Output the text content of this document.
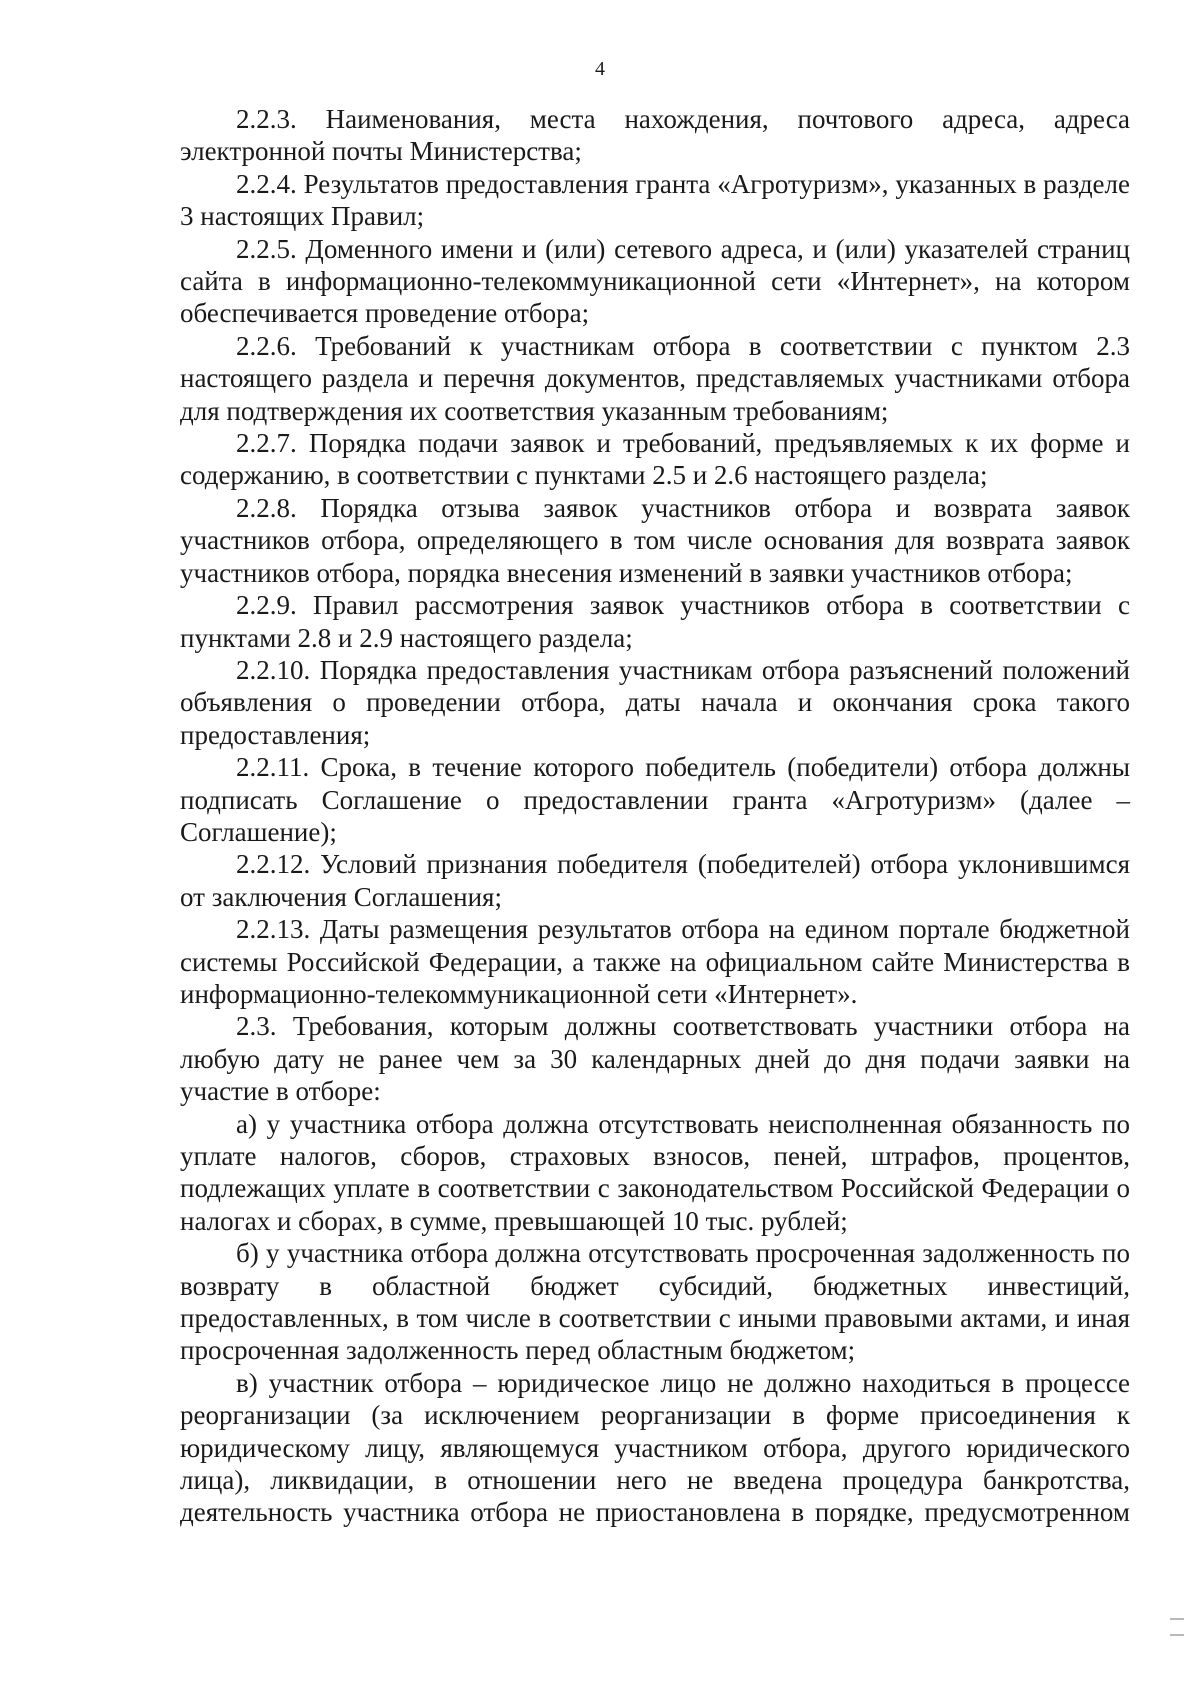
4

2.2.3. Наименования, места нахождения, почтового адреса, адреса электронной почты Министерства;

2.2.4. Результатов предоставления гранта «Агротуризм», указанных в разделе 3 настоящих Правил;

2.2.5. Доменного имени и (или) сетевого адреса, и (или) указателей страниц сайта в информационно-телекоммуникационной сети «Интернет», на котором обеспечивается проведение отбора;

2.2.6. Требований к участникам отбора в соответствии с пунктом 2.3 настоящего раздела и перечня документов, представляемых участниками отбора для подтверждения их соответствия указанным требованиям;

2.2.7. Порядка подачи заявок и требований, предъявляемых к их форме и содержанию, в соответствии с пунктами 2.5 и 2.6 настоящего раздела;

2.2.8. Порядка отзыва заявок участников отбора и возврата заявок участников отбора, определяющего в том числе основания для возврата заявок участников отбора, порядка внесения изменений в заявки участников отбора;

2.2.9. Правил рассмотрения заявок участников отбора в соответствии с пунктами 2.8 и 2.9 настоящего раздела;

2.2.10. Порядка предоставления участникам отбора разъяснений положений объявления о проведении отбора, даты начала и окончания срока такого предоставления;

2.2.11. Срока, в течение которого победитель (победители) отбора должны подписать Соглашение о предоставлении гранта «Агротуризм» (далее – Соглашение);

2.2.12. Условий признания победителя (победителей) отбора уклонившимся от заключения Соглашения;

2.2.13. Даты размещения результатов отбора на едином портале бюджетной системы Российской Федерации, а также на официальном сайте Министерства в информационно-телекоммуникационной сети «Интернет».

2.3. Требования, которым должны соответствовать участники отбора на любую дату не ранее чем за 30 календарных дней до дня подачи заявки на участие в отборе:

а) у участника отбора должна отсутствовать неисполненная обязанность по уплате налогов, сборов, страховых взносов, пеней, штрафов, процентов, подлежащих уплате в соответствии с законодательством Российской Федерации о налогах и сборах, в сумме, превышающей 10 тыс. рублей;

б) у участника отбора должна отсутствовать просроченная задолженность по возврату в областной бюджет субсидий, бюджетных инвестиций, предоставленных, в том числе в соответствии с иными правовыми актами, и иная просроченная задолженность перед областным бюджетом;

в) участник отбора – юридическое лицо не должно находиться в процессе реорганизации (за исключением реорганизации в форме присоединения к юридическому лицу, являющемуся участником отбора, другого юридического лица), ликвидации, в отношении него не введена процедура банкротства, деятельность участника отбора не приостановлена в порядке, предусмотренном
